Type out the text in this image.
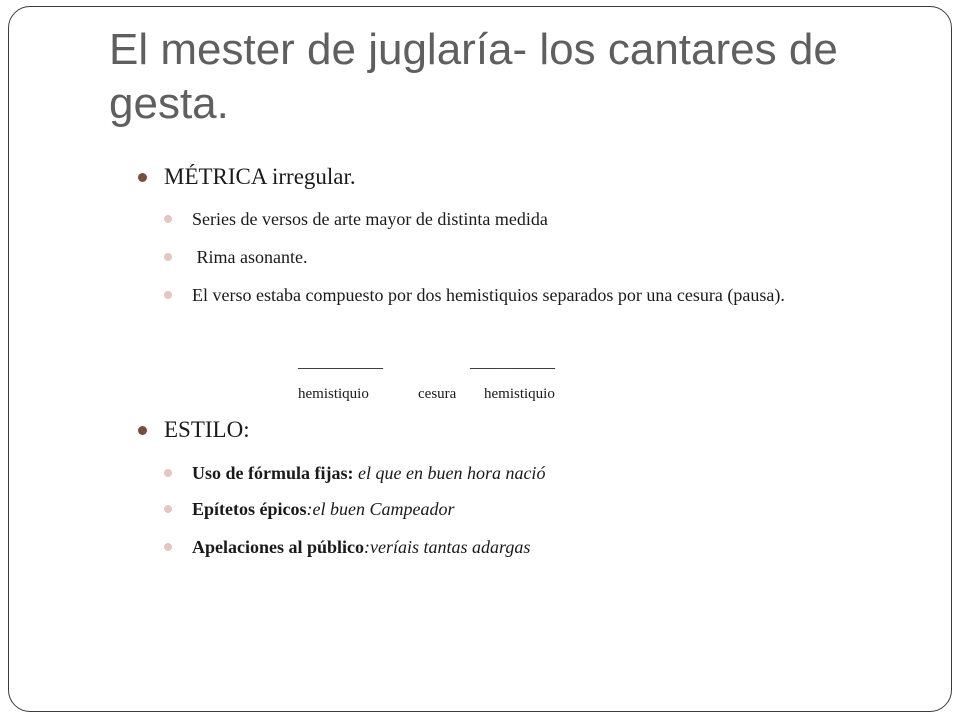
El mester de juglaría- los cantares de gesta.
MÉTRICA irregular.
Series de versos de arte mayor de distinta medida
Rima asonante.
El verso estaba compuesto por dos hemistiquios separados por una cesura (pausa).
__________	__________
hemistiquio	cesura hemistiquio
ESTILO:
Uso de fórmula fijas: el que en buen hora nació
Epítetos épicos:el buen Campeador
Apelaciones al público:veríais tantas adargas
